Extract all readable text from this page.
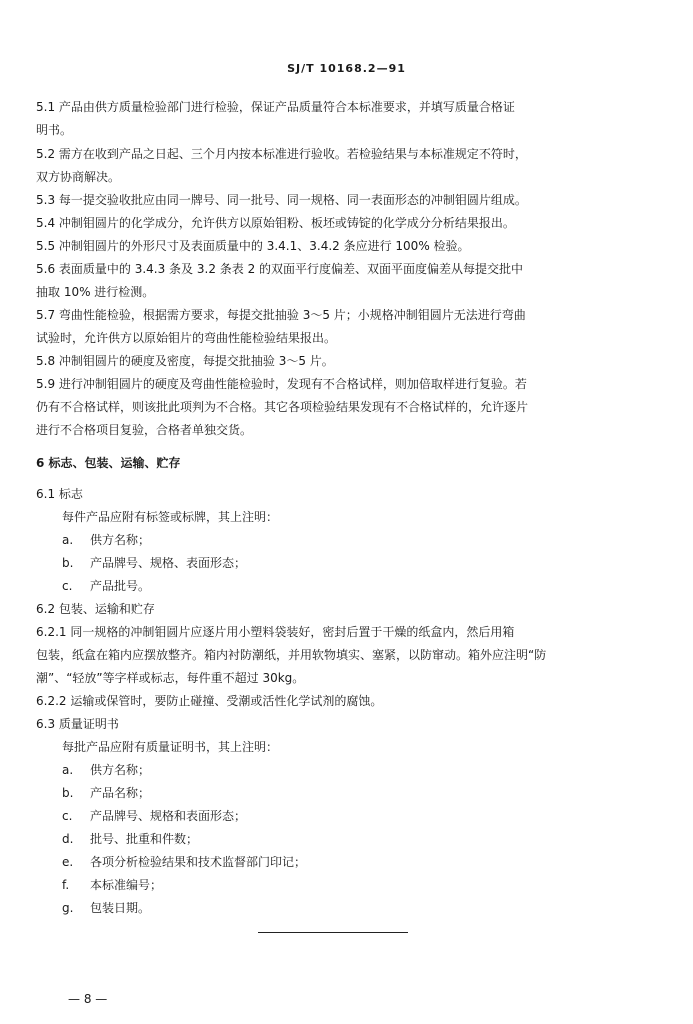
SJ/T 10168.2—91
5.1 产品由供方质量检验部门进行检验，保证产品质量符合本标准要求，并填写质量合格证
明书。
5.2 需方在收到产品之日起、三个月内按本标准进行验收。若检验结果与本标准规定不符时，
双方协商解决。
5.3 每一提交验收批应由同一牌号、同一批号、同一规格、同一表面形态的冲制钼圆片组成。
5.4 冲制钼圆片的化学成分，允许供方以原始钼粉、板坯或铸锭的化学成分分析结果报出。
5.5 冲制钼圆片的外形尺寸及表面质量中的 3.4.1、3.4.2 条应进行 100% 检验。
5.6 表面质量中的 3.4.3 条及 3.2 条表 2 的双面平行度偏差、双面平面度偏差从每提交批中
抽取 10% 进行检测。
5.7 弯曲性能检验，根据需方要求，每提交批抽验 3～5 片；小规格冲制钼圆片无法进行弯曲
试验时，允许供方以原始钼片的弯曲性能检验结果报出。
5.8 冲制钼圆片的硬度及密度，每提交批抽验 3～5 片。
5.9 进行冲制钼圆片的硬度及弯曲性能检验时，发现有不合格试样，则加倍取样进行复验。若
仍有不合格试样，则该批此项判为不合格。其它各项检验结果发现有不合格试样的，允许逐片
进行不合格项目复验，合格者单独交货。
6 标志、包装、运输、贮存
6.1 标志
每件产品应附有标签或标牌，其上注明：
a. 供方名称；
b. 产品牌号、规格、表面形态；
c. 产品批号。
6.2 包装、运输和贮存
6.2.1 同一规格的冲制钼圆片应逐片用小塑料袋装好，密封后置于干燥的纸盒内，然后用箱
包装，纸盒在箱内应摆放整齐。箱内衬防潮纸，并用软物填实、塞紧，以防窜动。箱外应注明“防
潮”、“轻放”等字样或标志，每件重不超过 30kg。
6.2.2 运输或保管时，要防止碰撞、受潮或活性化学试剂的腐蚀。
6.3 质量证明书
每批产品应附有质量证明书，其上注明：
a. 供方名称；
b. 产品名称；
c. 产品牌号、规格和表面形态；
d. 批号、批重和件数；
e. 各项分析检验结果和技术监督部门印记；
f. 本标准编号；
g. 包装日期。
— 8 —
